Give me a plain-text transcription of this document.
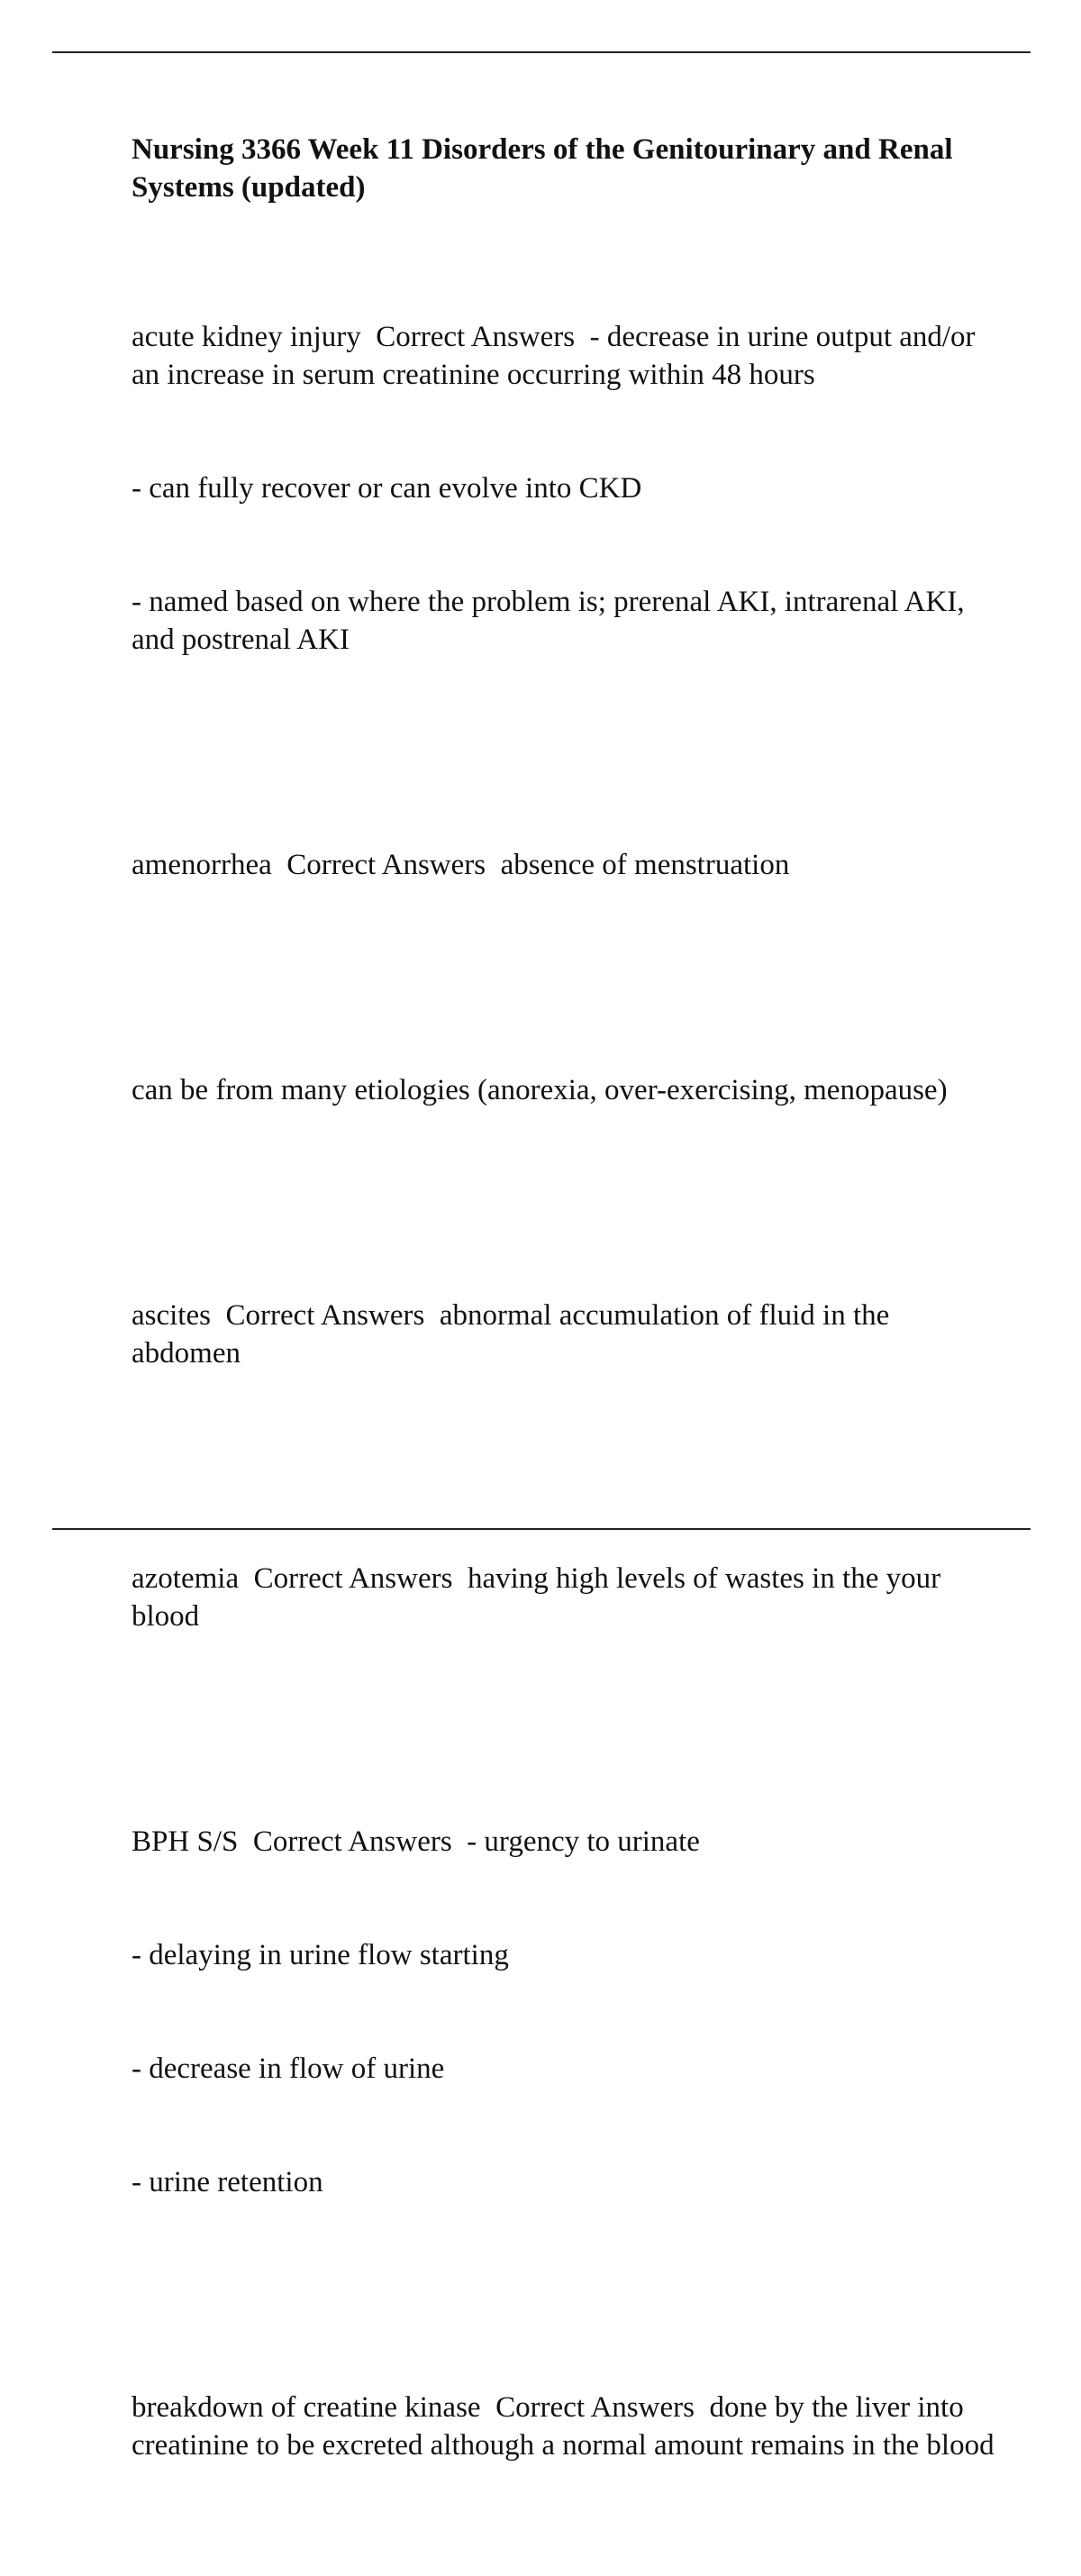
Nursing 3366 Week 11 Disorders of the Genitourinary and Renal Systems (updated)

acute kidney injury  Correct Answers  - decrease in urine output and/or an increase in serum creatinine occurring within 48 hours

- can fully recover or can evolve into CKD

- named based on where the problem is; prerenal AKI, intrarenal AKI, and postrenal AKI

amenorrhea  Correct Answers  absence of menstruation

can be from many etiologies (anorexia, over-exercising, menopause)

ascites  Correct Answers  abnormal accumulation of fluid in the abdomen

azotemia  Correct Answers  having high levels of wastes in the your blood

BPH S/S  Correct Answers  - urgency to urinate

- delaying in urine flow starting

- decrease in flow of urine

- urine retention

breakdown of creatine kinase  Correct Answers  done by the liver into creatinine to be excreted although a normal amount remains in the blood
